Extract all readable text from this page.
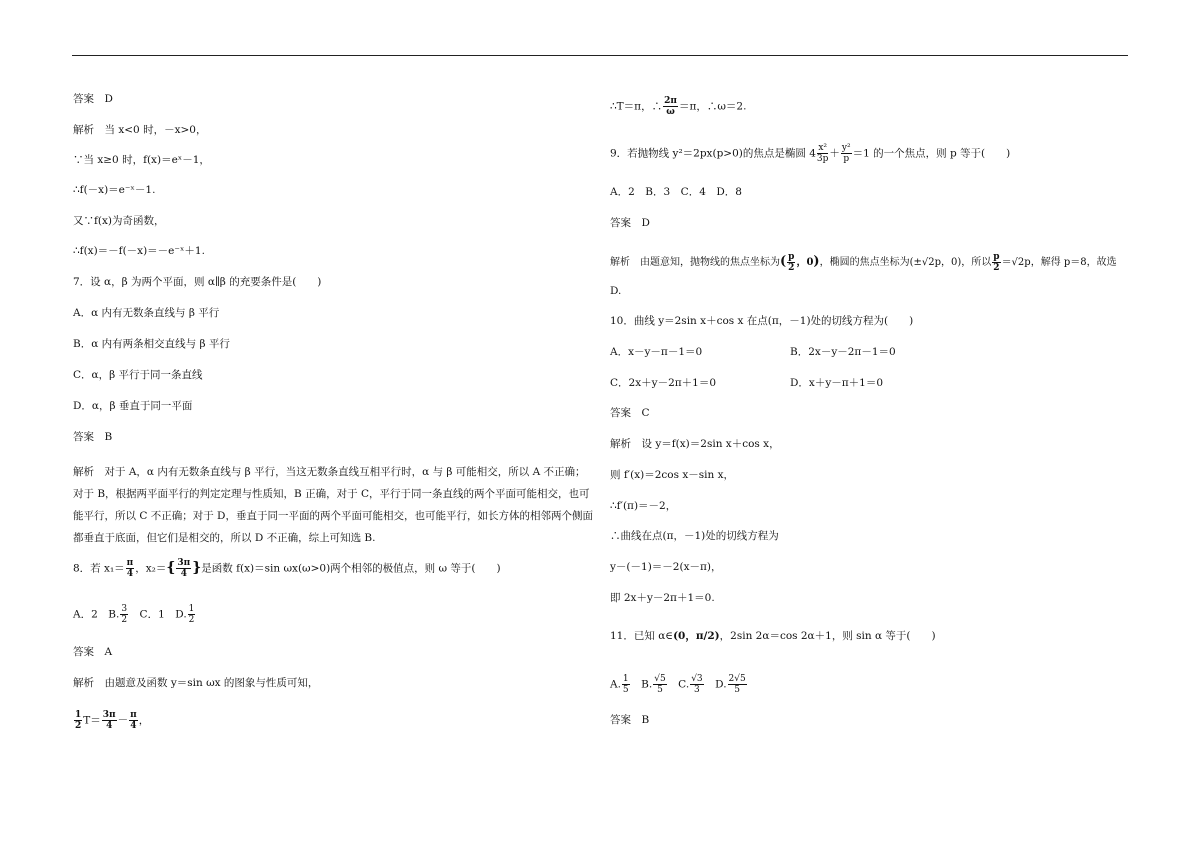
答案　D
解析　当 x<0 时，－x>0，
∵当 x≥0 时，f(x)＝eˣ－1，
∴f(－x)＝e⁻ˣ－1.
又∵f(x)为奇函数，
∴f(x)＝－f(－x)＝－e⁻ˣ＋1.
7．设 α，β 为两个平面，则 α∥β 的充要条件是(　　)
A．α 内有无数条直线与 β 平行
B．α 内有两条相交直线与 β 平行
C．α，β 平行于同一条直线
D．α，β 垂直于同一平面
答案　B
解析　对于 A，α 内有无数条直线与 β 平行，当这无数条直线互相平行时，α 与 β 可能相交，所以 A 不正确；对于 B，根据两平面平行的判定定理与性质知，B 正确，对于 C，平行于同一条直线的两个平面可能相交，也可能平行，所以 C 不正确；对于 D，垂直于同一平面的两个平面可能相交，也可能平行，如长方体的相邻两个侧面都垂直于底面，但它们是相交的，所以 D 不正确，综上可知选 B.
8．若 $x_1= \frac{\pi}{4}$ ，$x_2=\{ \frac{3\pi}{4}$ }是函数 f(x)＝sin ωx(ω>0)两个相邻的极值点，则 ω 等于(　　)
A．2　B. $\frac{3}{2}$ 　C．1　D. $\frac{1}{2}$
答案　A
解析　由题意及函数 y＝sin ωx 的图象与性质可知，
$\frac{1}{2} T= \frac{3\pi}{4} - \frac{\pi}{4}$ ，
∴T＝π，∴ $\frac{2\pi}{\omega} =\pi$，∴ω＝2.
9．若抛物线 y²＝2px(p>0)的焦点是椭圆 $4 \frac{\text{x²}}{3p} + \frac{\text{y²}}{p} =1$ 的一个焦点，则 p 等于(　　)
A．2　B．3　C．4　D．8
答案　D
解析　由题意知，抛物线的焦点坐标为( $\frac{p}{2}$ ，0)，椭圆的焦点坐标为(±√2p，0)，所以 $\frac{p}{2} =√2p$，解得 p＝8，故选
D.
10．曲线 y＝2sin x＋cos x 在点(π，－1)处的切线方程为(　　)
A．x－y－π－1＝0	B．2x－y－2π－1＝0
C．2x＋y－2π＋1＝0	D．x＋y－π＋1＝0
答案　C
解析　设 y＝f(x)＝2sin x＋cos x，
则 f′(x)＝2cos x－sin x，
∴f′(π)＝－2，
∴曲线在点(π，－1)处的切线方程为
y－(－1)＝－2(x－π)，
即 2x＋y－2π＋1＝0.
11．已知 α∈(0，π/2)，2sin 2α＝cos 2α＋1，则 sin α 等于(　　)
A. $\frac{1}{5}$ 　B. $\frac{√5}{5}$ 　C. $\frac{√3}{3}$ 　D. $\frac{2√5}{5}$
答案　B
